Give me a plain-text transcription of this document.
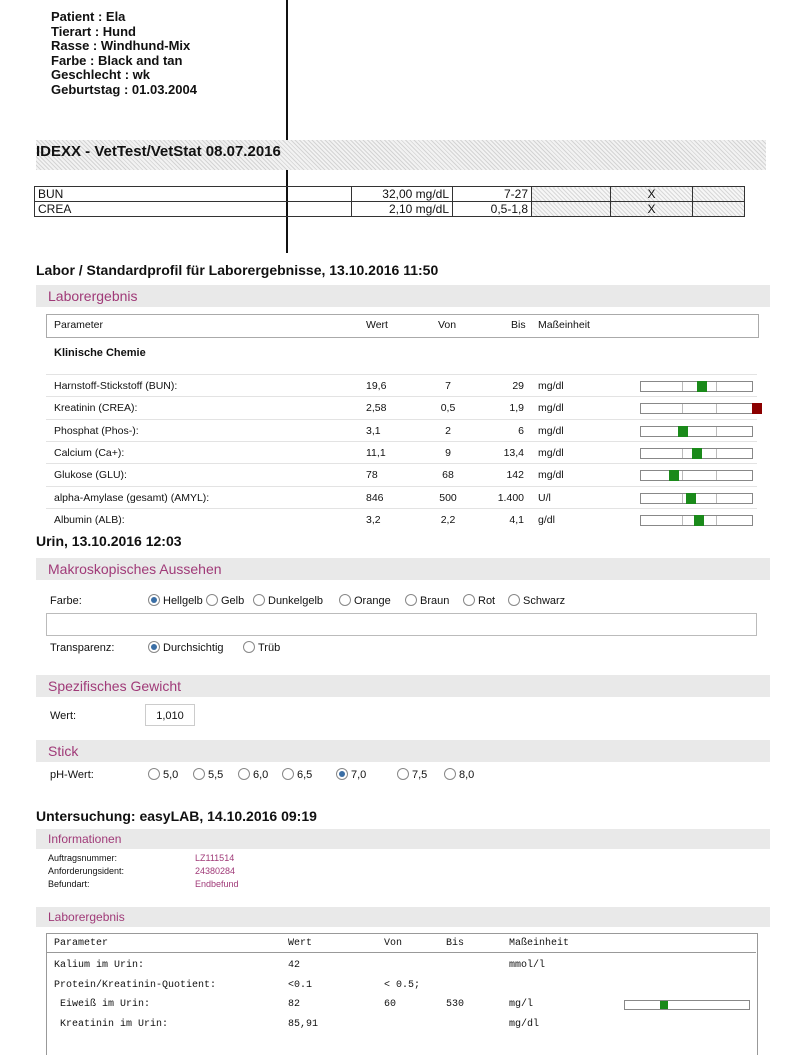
Patient : Ela
Tierart : Hund
Rasse : Windhund-Mix
Farbe : Black and tan
Geschlecht : wk
Geburtstag : 01.03.2004
IDEXX - VetTest/VetStat 08.07.2016
BUN	32,00 mg/dL	7-27		X	
CREA	2,10 mg/dL	0,5-1,8		X	
Labor / Standardprofil für Laborergebnisse, 13.10.2016 11:50
Laborergebnis
Parameter	Wert	Von	Bis Maßeinheit
Klinische Chemie
Harnstoff-Stickstoff (BUN):	19,6	7	29 mg/dl
Kreatinin (CREA):	2,58	0,5	1,9 mg/dl
Phosphat (Phos-):	3,1	2	6 mg/dl
Calcium (Ca+):	11,1	9	13,4 mg/dl
Glukose (GLU):	78	68	142 mg/dl
alpha-Amylase (gesamt) (AMYL):	846	500	1.400 U/l
Albumin (ALB):	3,2	2,2	4,1 g/dl
Urin, 13.10.2016 12:03
Makroskopisches Aussehen
Farbe:	Hellgelb	Gelb	Dunkelgelb	Orange	Braun	Rot	Schwarz
Transparenz:	Durchsichtig	Trüb
Spezifisches Gewicht
Wert:	1,010
Stick
pH-Wert:	5,0	5,5	6,0	6,5	7,0	7,5	8,0
Untersuchung: easyLAB, 14.10.2016 09:19
Informationen
Auftragsnummer:	LZ111514
Anforderungsident:	24380284
Befundart:	Endbefund
Laborergebnis
Parameter	Wert	Von	Bis	Maßeinheit
Kalium im Urin:	42	mmol/l
Protein/Kreatinin-Quotient:	<0.1	< 0.5;
Eiweiß im Urin:	82	60	530	mg/l
Kreatinin im Urin:	85,91	mg/dl
